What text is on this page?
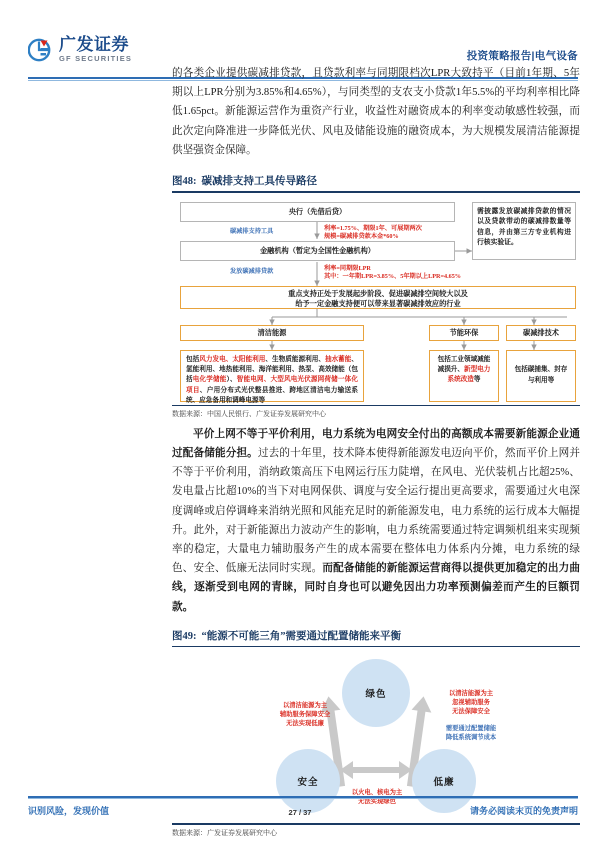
广发证券
GF SECURITIES	投资策略报告|电气设备

的各类企业提供碳减排贷款，且贷款利率与同期限档次LPR大致持平（目前1年期、5年期以上LPR分别为3.85%和4.65%），与同类型的支农支小贷款1年5.5%的平均利率相比降低1.65pct。新能源运营作为重资产行业，收益性对融资成本的利率变动敏感性较强，而此次定向降准进一步降低光伏、风电及储能设施的融资成本，为大规模发展清洁能源提供坚强资金保障。

图48: 碳减排支持工具传导路径
央行（先借后贷）
碳减排支持工具	利率=1.75%、期限1年、可展期两次
规模=碳减排贷款本金*60%
金融机构（暂定为全国性金融机构）
需披露发放碳减排贷款的情况以及贷款带动的碳减排数量等信息，并由第三方专业机构进行核实验证。
发放碳减排贷款	利率=同期限LPR
其中：一年期LPR=3.85%、5年期以上LPR=4.65%
重点支持正处于发展起步阶段、促进碳减排空间较大以及
给予一定金融支持便可以带来显著碳减排效应的行业
清洁能源	节能环保	碳减排技术
包括风力发电、太阳能利用、生物质能源利用、抽水蓄能、氢能利用、地热能利用、海洋能利用、热泵、高效储能（包括电化学储能）、智能电网、大型风电光伏源网荷储一体化项目、户用分布式光伏整县推进、跨地区清洁电力输送系统、应急备用和调峰电源等
包括工业领域减能减损升、新型电力系统改造等
包括碳捕集、封存与利用等
数据来源：中国人民银行、广发证券发展研究中心

平价上网不等于平价利用，电力系统为电网安全付出的高额成本需要新能源企业通过配备储能分担。过去的十年里，技术降本使得新能源发电迈向平价，然而平价上网并不等于平价利用，消纳政策高压下电网运行压力陡增，在风电、光伏装机占比超25%、发电量占比超10%的当下对电网保供、调度与安全运行提出更高要求，需要通过火电深度调峰或启停调峰来消纳光照和风能充足时的新能源发电，电力系统的运行成本大幅提升。此外，对于新能源出力波动产生的影响，电力系统需要通过特定调频机组来实现频率的稳定，大量电力辅助服务产生的成本需要在整体电力体系内分摊，电力系统的绿色、安全、低廉无法同时实现。而配备储能的新能源运营商得以提供更加稳定的出力曲线，逐渐受到电网的青睐，同时自身也可以避免因出力功率预测偏差而产生的巨额罚款。

图49: “能源不可能三角”需要通过配置储能来平衡
绿色
安全	低廉
以清洁能源为主
辅助服务保障安全
无法实现低廉
以清洁能源为主
忽视辅助服务
无法保障安全
需要通过配置储能
降低系统调节成本
以火电、核电为主
无法实现绿色
数据来源：广发证券发展研究中心
识别风险，发现价值	27 / 37	请务必阅读末页的免责声明
